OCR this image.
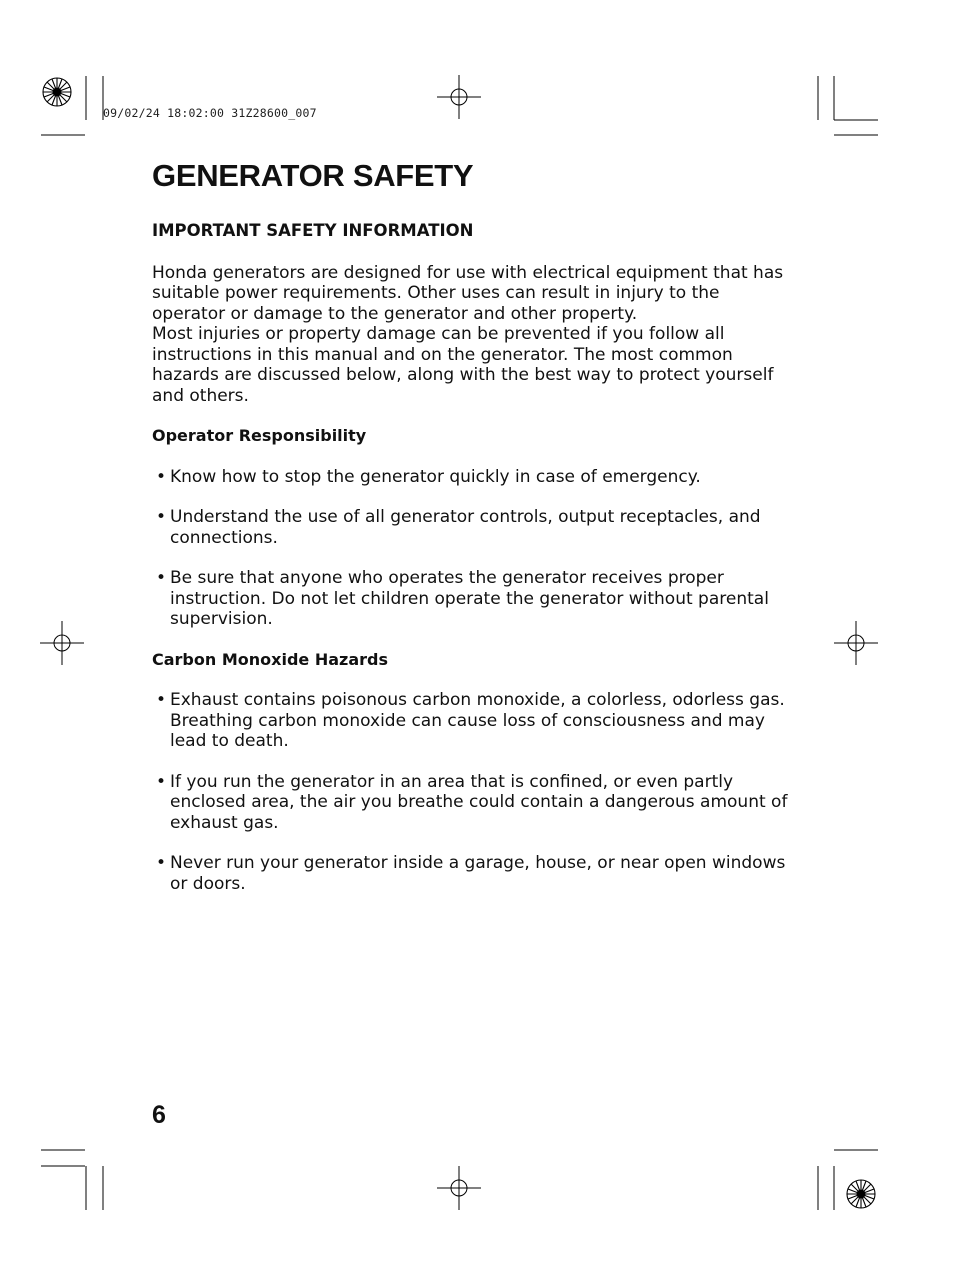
09/02/24 18:02:00 31Z28600_007
GENERATOR SAFETY
IMPORTANT SAFETY INFORMATION

Honda generators are designed for use with electrical equipment that has suitable power requirements. Other uses can result in injury to the operator or damage to the generator and other property.

Most injuries or property damage can be prevented if you follow all instructions in this manual and on the generator. The most common hazards are discussed below, along with the best way to protect yourself and others.

Operator Responsibility
• Know how to stop the generator quickly in case of emergency.
• Understand the use of all generator controls, output receptacles, and connections.
• Be sure that anyone who operates the generator receives proper instruction. Do not let children operate the generator without parental supervision.
Carbon Monoxide Hazards
• Exhaust contains poisonous carbon monoxide, a colorless, odorless gas. Breathing carbon monoxide can cause loss of consciousness and may lead to death.
• If you run the generator in an area that is confined, or even partly enclosed area, the air you breathe could contain a dangerous amount of exhaust gas.
• Never run your generator inside a garage, house, or near open windows or doors.
6
